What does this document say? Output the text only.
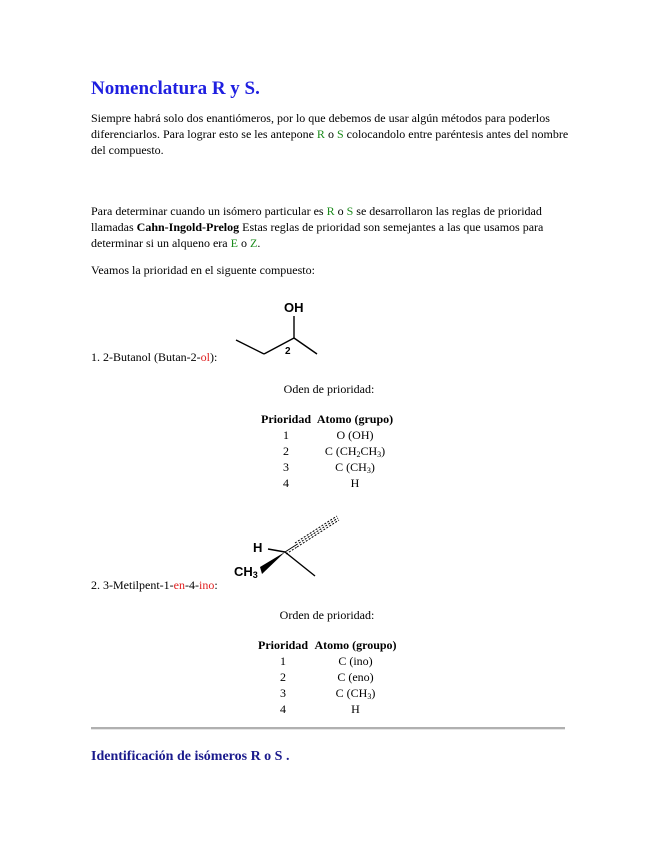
Nomenclatura R y S.

Siempre habrá solo dos enantiómeros, por lo que debemos de usar algún métodos para poderlos diferenciarlos. Para lograr esto se les antepone R o S colocandolo entre paréntesis antes del nombre del compuesto.

Para determinar cuando un isómero particular es R o S se desarrollaron las reglas de prioridad llamadas Cahn-Ingold-Prelog Estas reglas de prioridad son semejantes a las que usamos para determinar si un alqueno era E o Z.

Veamos la prioridad en el siguente compuesto:

OH
2

1. 2-Butanol (Butan-2-ol):

Oden de prioridad:
Prioridad	Atomo (grupo)
1	O (OH)
2	C $(CH_2CH_3)$
3	C $(CH_3)$
4	H
H
CH3

2. 3-Metilpent-1-en-4-ino:

Orden de prioridad:
Prioridad	Atomo (groupo)
1	C (ino)
2	C (eno)
3	C $(CH_3)$
4	H
Identificación de isómeros R o S .
